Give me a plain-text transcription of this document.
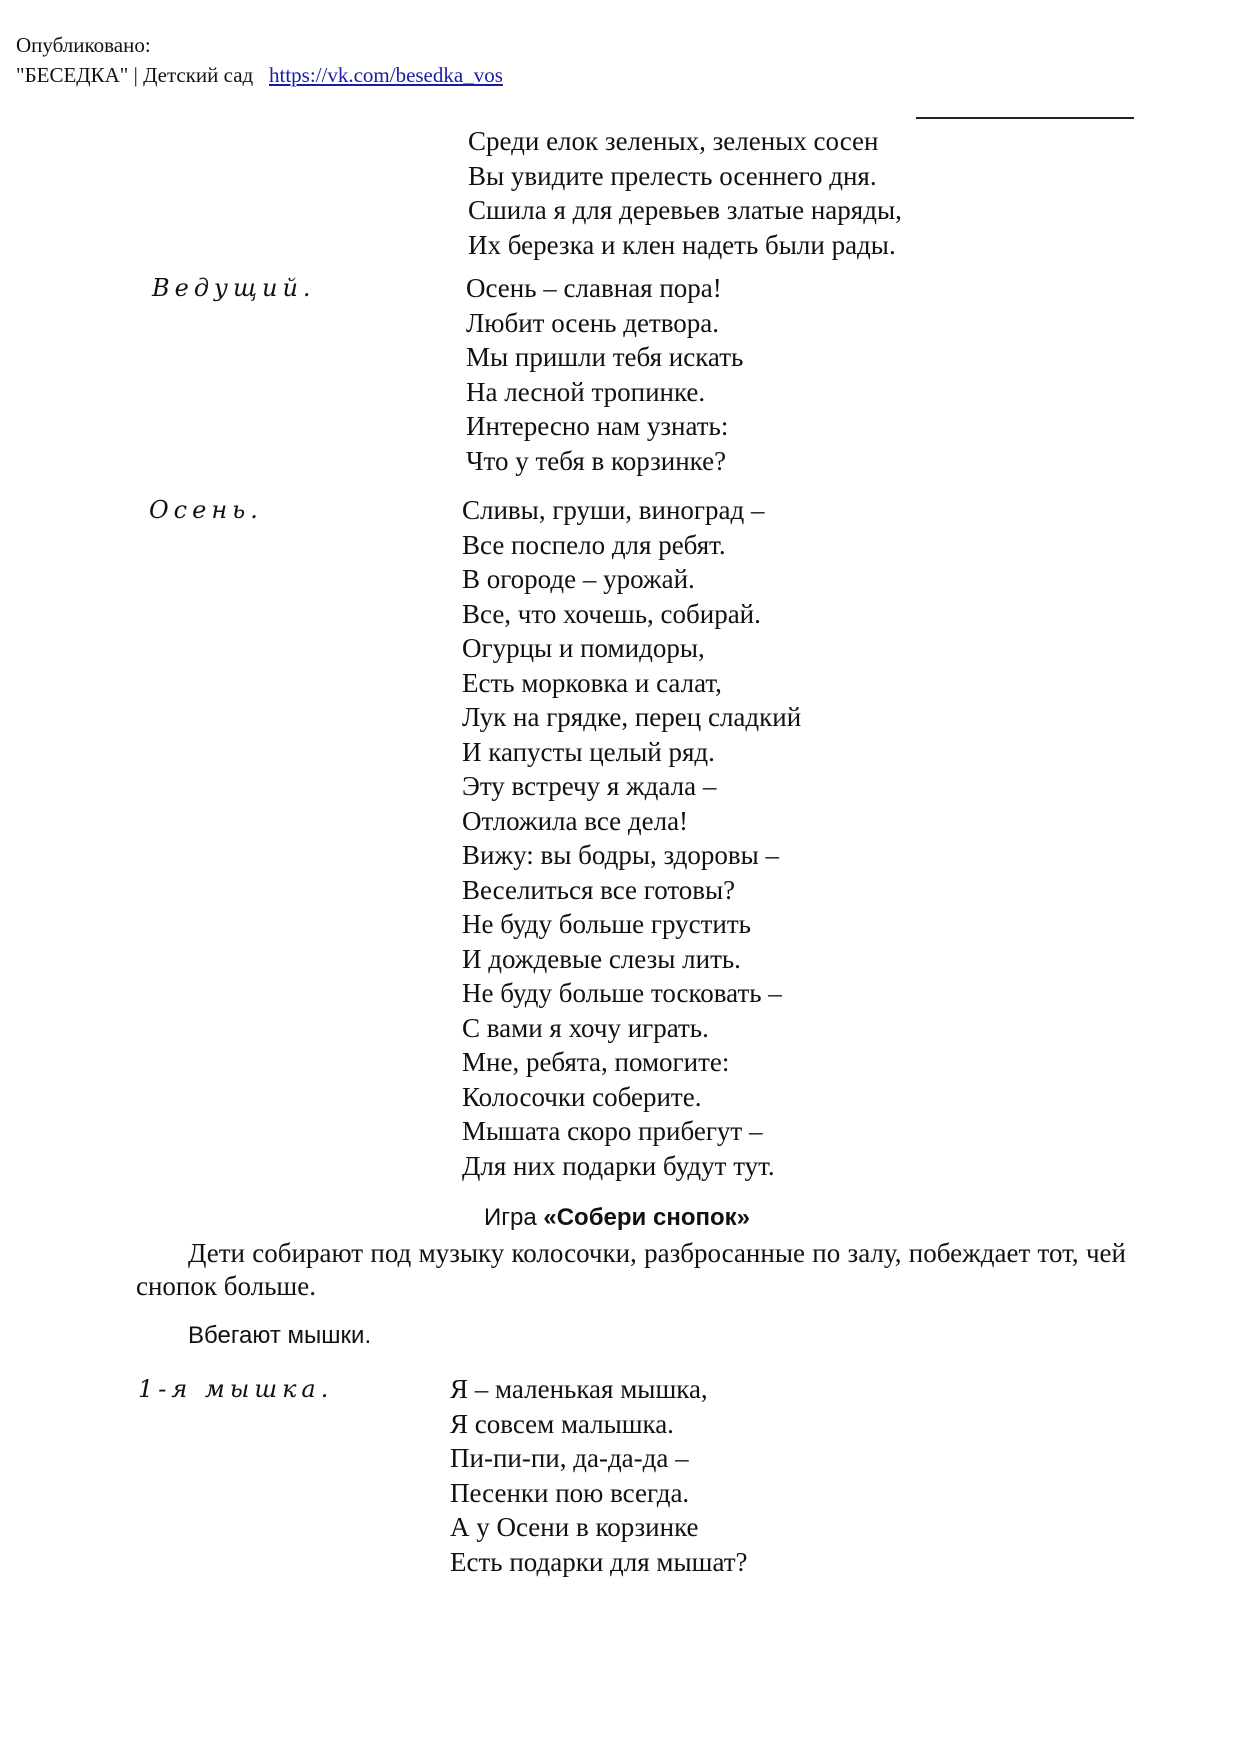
Опубликовано:
"БЕСЕДКА" | Детский сад https://vk.com/besedka_vos
Среди елок зеленых, зеленых сосен
Вы увидите прелесть осеннего дня.
Сшила я для деревьев златые наряды,
Их березка и клен надеть были рады.
Ведущий.	Осень – славная пора!
Любит осень детвора.
Мы пришли тебя искать
На лесной тропинке.
Интересно нам узнать:
Что у тебя в корзинке?
Осень.	Сливы, груши, виноград –
Все поспело для ребят.
В огороде – урожай.
Все, что хочешь, собирай.
Огурцы и помидоры,
Есть морковка и салат,
Лук на грядке, перец сладкий
И капусты целый ряд.
Эту встречу я ждала –
Отложила все дела!
Вижу: вы бодры, здоровы –
Веселиться все готовы?
Не буду больше грустить
И дождевые слезы лить.
Не буду больше тосковать –
С вами я хочу играть.
Мне, ребята, помогите:
Колосочки соберите.
Мышата скоро прибегут –
Для них подарки будут тут.
Игра «Собери снопок»
Дети собирают под музыку колосочки, разбросанные по залу, побеждает тот, чей снопок больше.
Вбегают мышки.
1-я мышка.	Я – маленькая мышка,
Я совсем малышка.
Пи-пи-пи, да-да-да –
Песенки пою всегда.
А у Осени в корзинке
Есть подарки для мышат?
